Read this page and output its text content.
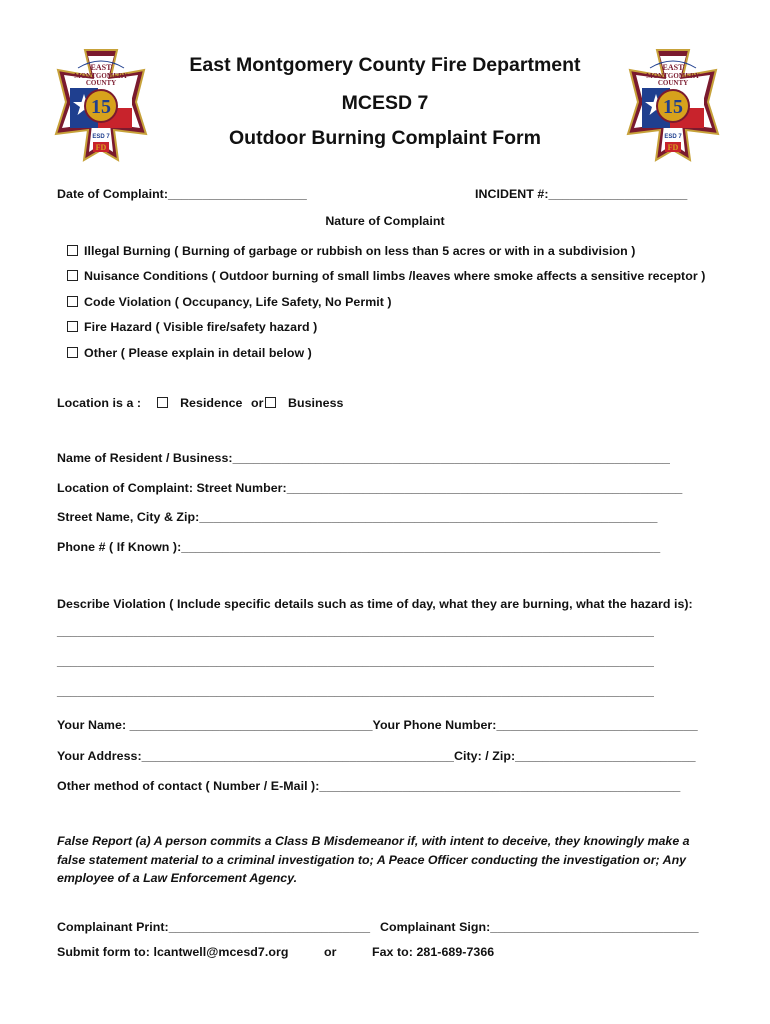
15
EAST
MONTGOMERY
COUNTY
ESD 7
FD
15
EAST
MONTGOMERY
COUNTY
ESD 7
FD
East Montgomery County Fire Department
MCESD 7
Outdoor Burning Complaint Form
Date of Complaint:____________________	INCIDENT #:____________________
Nature of Complaint
Illegal Burning ( Burning of garbage or rubbish on less than 5 acres or with in a subdivision )
Nuisance Conditions ( Outdoor burning of small limbs /leaves where smoke affects a sensitive receptor )
Code Violation ( Occupancy, Life Safety, No Permit )
Fire Hazard ( Visible fire/safety hazard )
Other ( Please explain in detail below )
Location is a :	Residence or Business
Name of Resident / Business:_______________________________________________________________
Location of Complaint: Street Number:_________________________________________________________
Street Name, City & Zip:__________________________________________________________________
Phone # ( If Known ):_____________________________________________________________________
Describe Violation ( Include specific details such as time of day, what they are burning, what the hazard is):
______________________________________________________________________________________
______________________________________________________________________________________
______________________________________________________________________________________
Your Name: ___________________________________Your Phone Number:_____________________________
Your Address:_____________________________________________City: / Zip:__________________________
Other method of contact ( Number / E-Mail ):____________________________________________________
False Report (a) A person commits a Class B Misdemeanor if, with intent to deceive, they knowingly make a false statement material to a criminal investigation to; A Peace Officer conducting the investigation or; Any employee of a Law Enforcement Agency.
Complainant Print:_____________________________ Complainant Sign:______________________________
Submit form to: lcantwell@mcesd7.org	or	Fax to: 281-689-7366
